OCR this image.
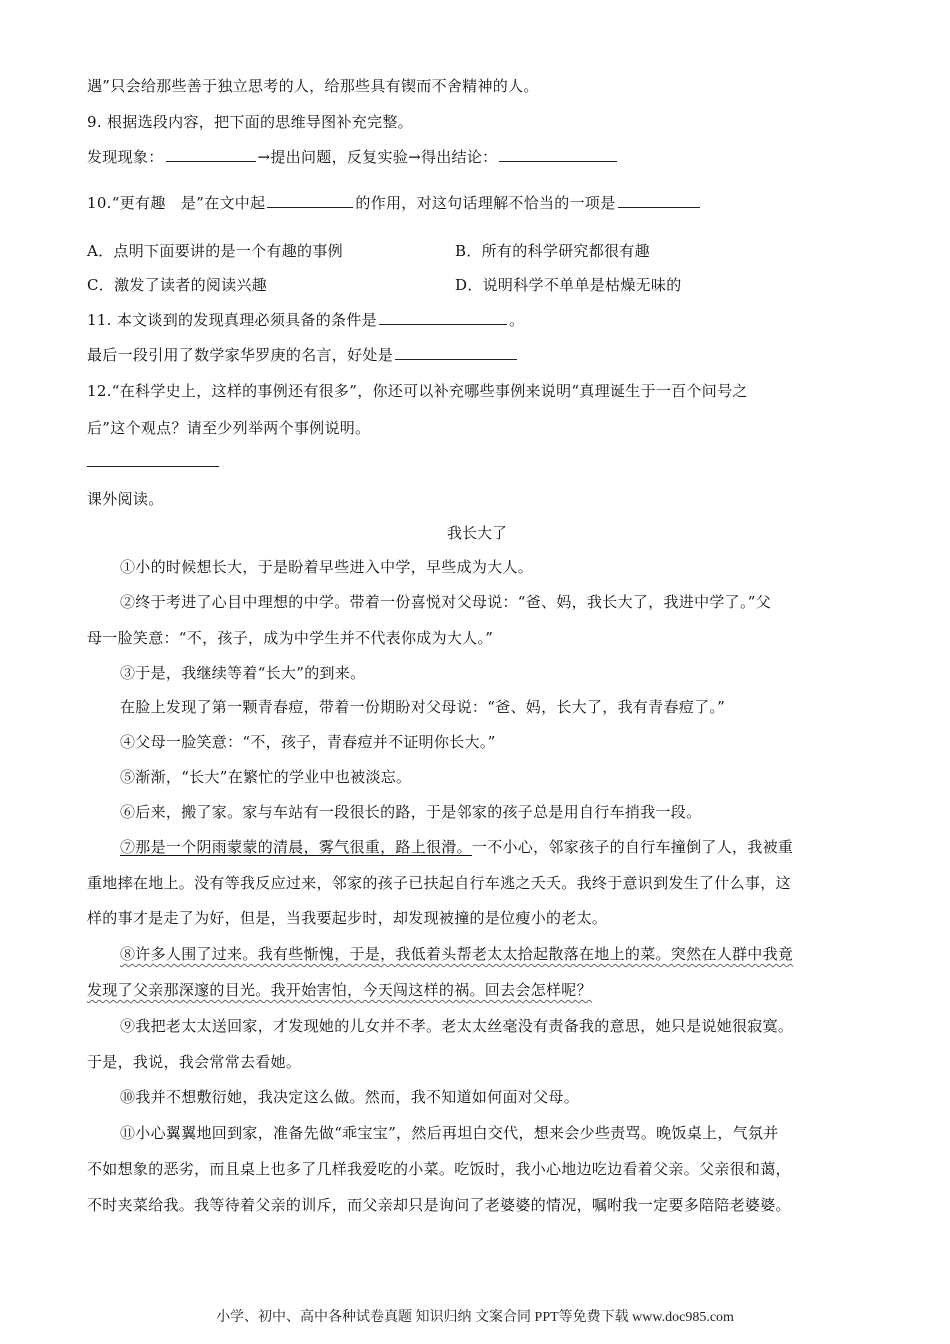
遇”只会给那些善于独立思考的人，给那些具有锲而不舍精神的人。
9. 根据选段内容，把下面的思维导图补充完整。
发现现象：	→提出问题，反复实验→得出结论：
10.“更有趣　是”在文中起	的作用，对这句话理解不恰当的一项是
A．点明下面要讲的是一个有趣的事例	B．所有的科学研究都很有趣
C．激发了读者的阅读兴趣	D．说明科学不单单是枯燥无味的
11. 本文谈到的发现真理必须具备的条件是	。
最后一段引用了数学家华罗庚的名言，好处是
12.“在科学史上，这样的事例还有很多”，你还可以补充哪些事例来说明“真理诞生于一百个问号之
后”这个观点？请至少列举两个事例说明。
课外阅读。
我长大了
①小的时候想长大，于是盼着早些进入中学，早些成为大人。
②终于考进了心目中理想的中学。带着一份喜悦对父母说：“爸、妈，我长大了，我进中学了。”父
母一脸笑意：“不，孩子，成为中学生并不代表你成为大人。”
③于是，我继续等着“长大”的到来。
在脸上发现了第一颗青春痘，带着一份期盼对父母说：“爸、妈，长大了，我有青春痘了。”
④父母一脸笑意：“不，孩子，青春痘并不证明你长大。”
⑤渐渐，“长大”在繁忙的学业中也被淡忘。
⑥后来，搬了家。家与车站有一段很长的路，于是邻家的孩子总是用自行车捎我一段。
⑦那是一个阴雨蒙蒙的清晨，雾气很重，路上很滑。一不小心，邻家孩子的自行车撞倒了人，我被重
重地摔在地上。没有等我反应过来，邻家的孩子已扶起自行车逃之夭夭。我终于意识到发生了什么事，这
样的事才是走了为好，但是，当我要起步时，却发现被撞的是位瘦小的老太。
⑧许多人围了过来。我有些惭愧，于是，我低着头帮老太太拾起散落在地上的菜。突然在人群中我竟
发现了父亲那深邃的目光。我开始害怕，今天闯这样的祸。回去会怎样呢？
⑨我把老太太送回家，才发现她的儿女并不孝。老太太丝毫没有责备我的意思，她只是说她很寂寞。
于是，我说，我会常常去看她。
⑩我并不想敷衍她，我决定这么做。然而，我不知道如何面对父母。
⑪小心翼翼地回到家，准备先做“乖宝宝”，然后再坦白交代，想来会少些责骂。晚饭桌上，气氛并
不如想象的恶劣，而且桌上也多了几样我爱吃的小菜。吃饭时，我小心地边吃边看着父亲。父亲很和蔼，
不时夹菜给我。我等待着父亲的训斥，而父亲却只是询问了老婆婆的情况，嘱咐我一定要多陪陪老婆婆。
小学、初中、高中各种试卷真题 知识归纳 文案合同 PPT等免费下载 www.doc985.com
